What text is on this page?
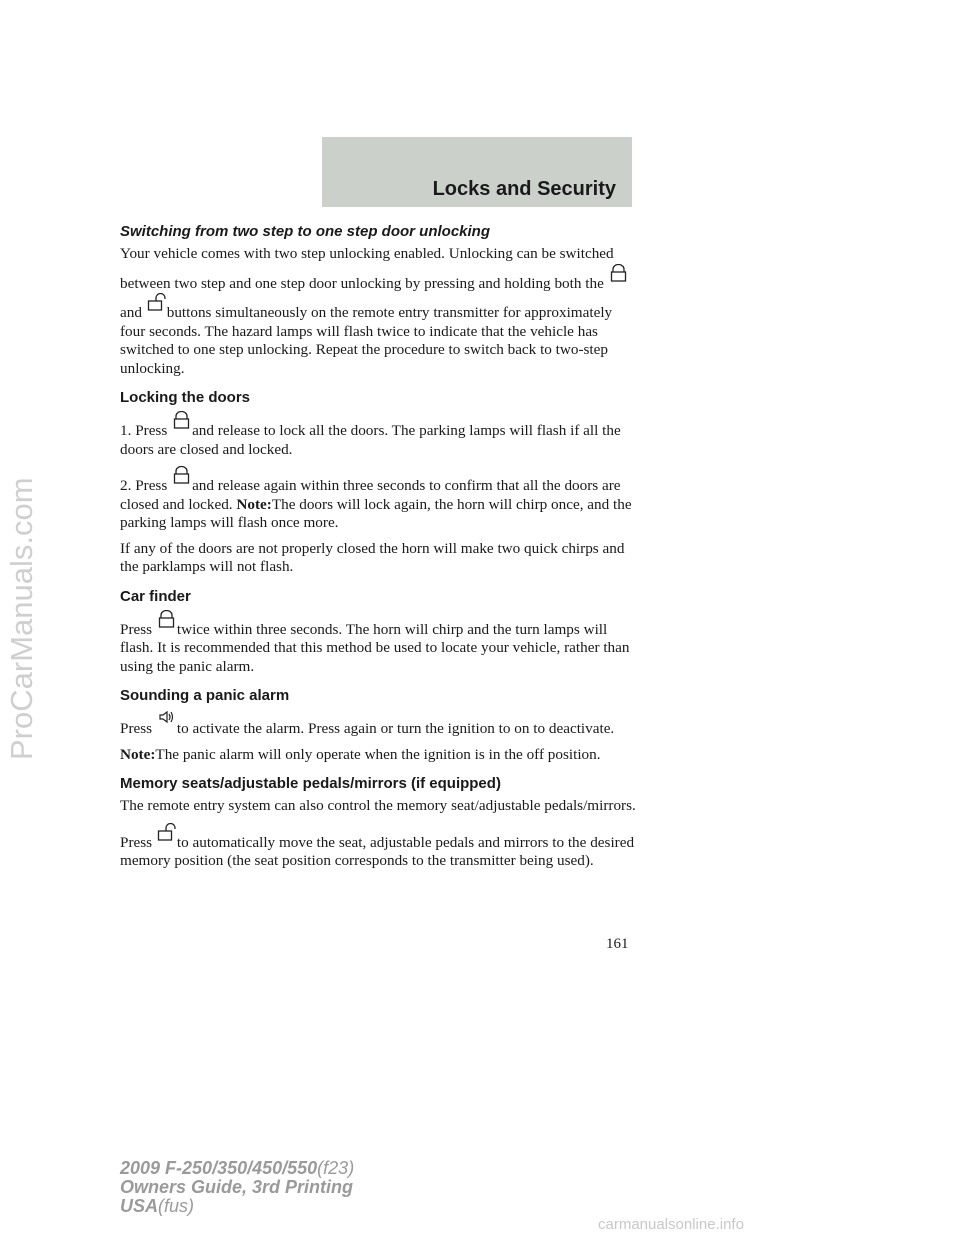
Locks and Security
ProCarManuals.com
Switching from two step to one step door unlocking

Your vehicle comes with two step unlocking enabled. Unlocking can be switched between two step and one step door unlocking by pressing and holding both the
and buttons simultaneously on the remote entry transmitter for approximately four seconds. The hazard lamps will flash twice to indicate that the vehicle has switched to one step unlocking. Repeat the procedure to switch back to two-step unlocking.

Locking the doors

1. Press and release to lock all the doors. The parking lamps will flash if all the doors are closed and locked.

2. Press and release again within three seconds to confirm that all the doors are closed and locked. Note:The doors will lock again, the horn will chirp once, and the parking lamps will flash once more.

If any of the doors are not properly closed the horn will make two quick chirps and the parklamps will not flash.

Car finder

Press twice within three seconds. The horn will chirp and the turn lamps will flash. It is recommended that this method be used to locate your vehicle, rather than using the panic alarm.

Sounding a panic alarm

Press to activate the alarm. Press again or turn the ignition to on to deactivate.

Note:The panic alarm will only operate when the ignition is in the off position.

Memory seats/adjustable pedals/mirrors (if equipped)

The remote entry system can also control the memory seat/adjustable pedals/mirrors.

Press to automatically move the seat, adjustable pedals and mirrors to the desired memory position (the seat position corresponds to the transmitter being used).

161
2009 F-250/350/450/550(f23)
Owners Guide, 3rd Printing
USA(fus)
carmanualsonline.info
